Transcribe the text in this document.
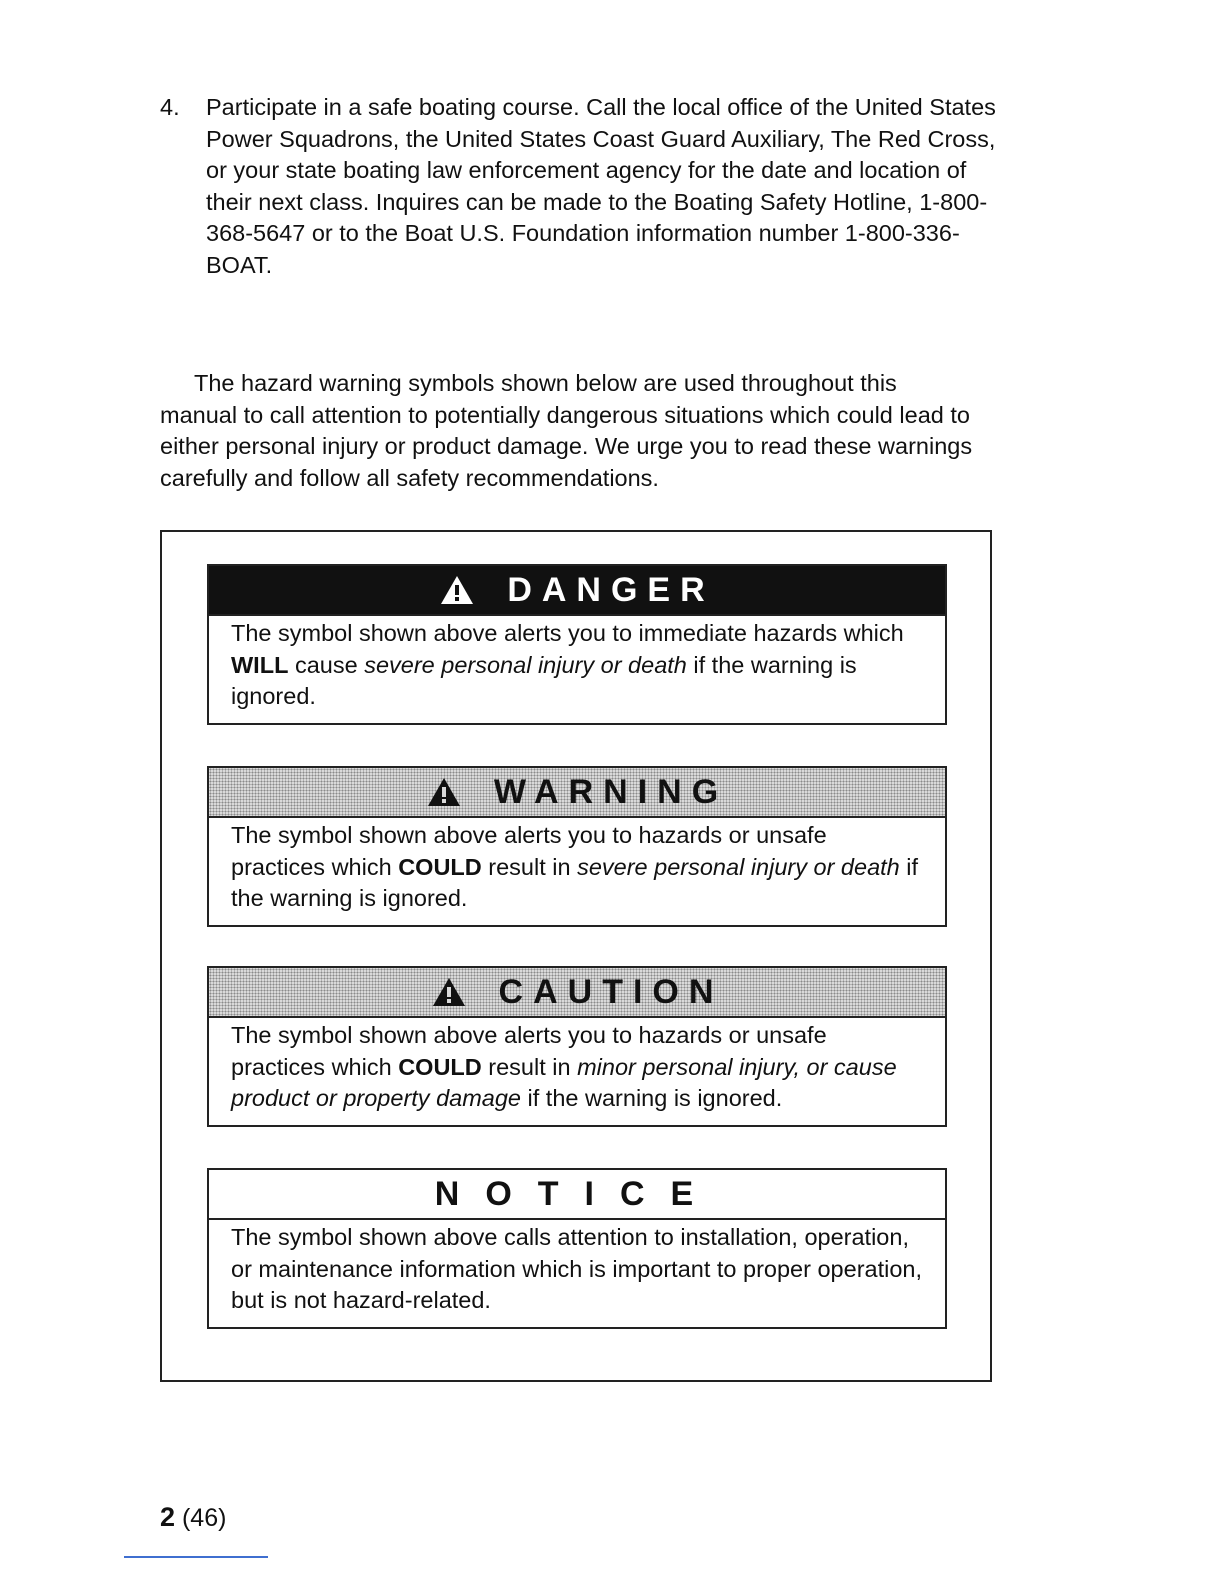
4. Participate in a safe boating course. Call the local office of the United States Power Squadrons, the United States Coast Guard Auxiliary, The Red Cross, or your state boating law enforcement agency for the date and location of their next class. Inquires can be made to the Boating Safety Hotline, 1-800-368-5647 or to the Boat U.S. Foundation information number 1-800-336-BOAT.
The hazard warning symbols shown below are used throughout this manual to call attention to potentially dangerous situations which could lead to either personal injury or product damage. We urge you to read these warnings carefully and follow all safety recommendations.
DANGER
The symbol shown above alerts you to immediate hazards which WILL cause severe personal injury or death if the warning is ignored.
WARNING
The symbol shown above alerts you to hazards or unsafe practices which COULD result in severe personal injury or death if the warning is ignored.
CAUTION
The symbol shown above alerts you to hazards or unsafe practices which COULD result in minor personal injury, or cause product or property damage if the warning is ignored.
NOTICE
The symbol shown above calls attention to installation, operation, or maintenance information which is important to proper operation, but is not hazard-related.
2 (46)
